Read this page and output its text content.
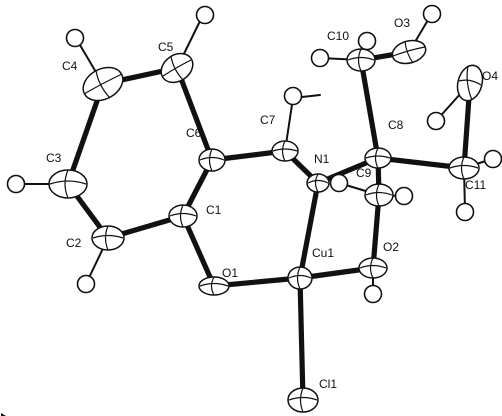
O3
O4
C10
C5
C4
C7
C6
C8
N1
C3
C11
C9
C1
C2
O1
Cu1	O2
Cl1
